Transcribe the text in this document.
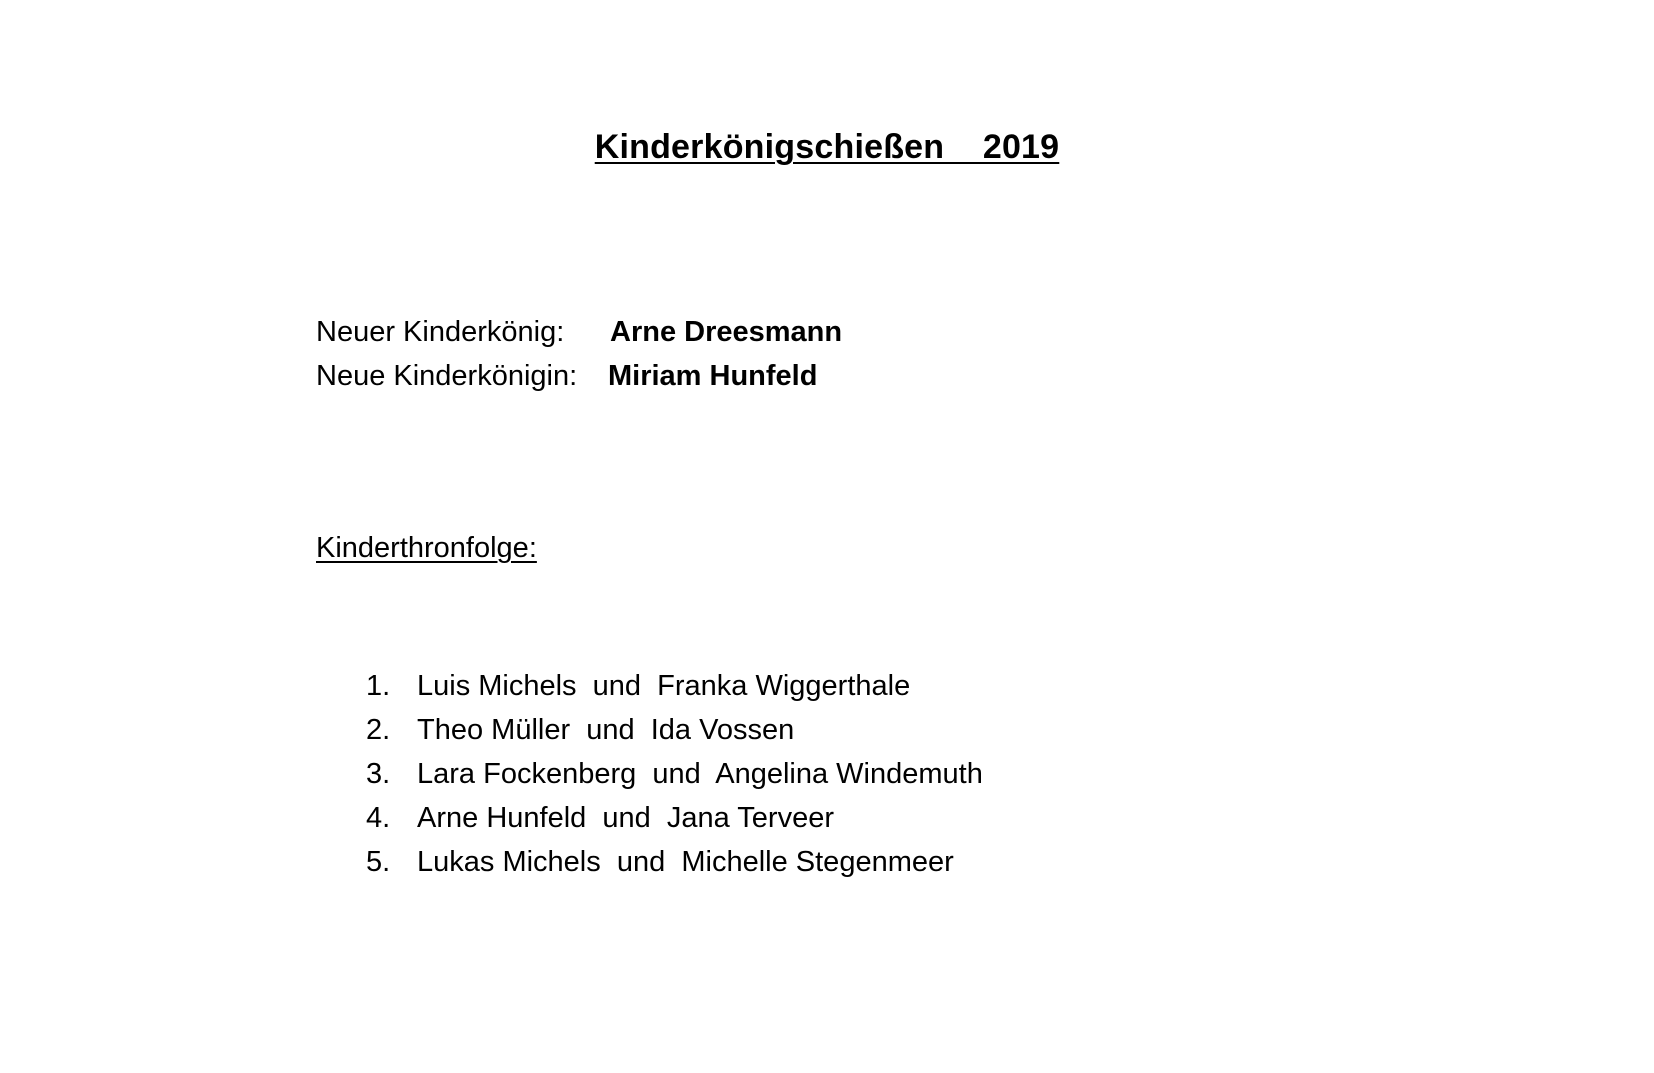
Kinderkönigschießen    2019
Neuer Kinderkönig:	Arne Dreesmann
Neue Kinderkönigin:	Miriam Hunfeld
Kinderthronfolge:
1. Luis Michels  und  Franka Wiggerthale
2. Theo Müller  und  Ida Vossen
3. Lara Fockenberg  und  Angelina Windemuth
4. Arne Hunfeld  und  Jana Terveer
5. Lukas Michels  und  Michelle Stegenmeer
